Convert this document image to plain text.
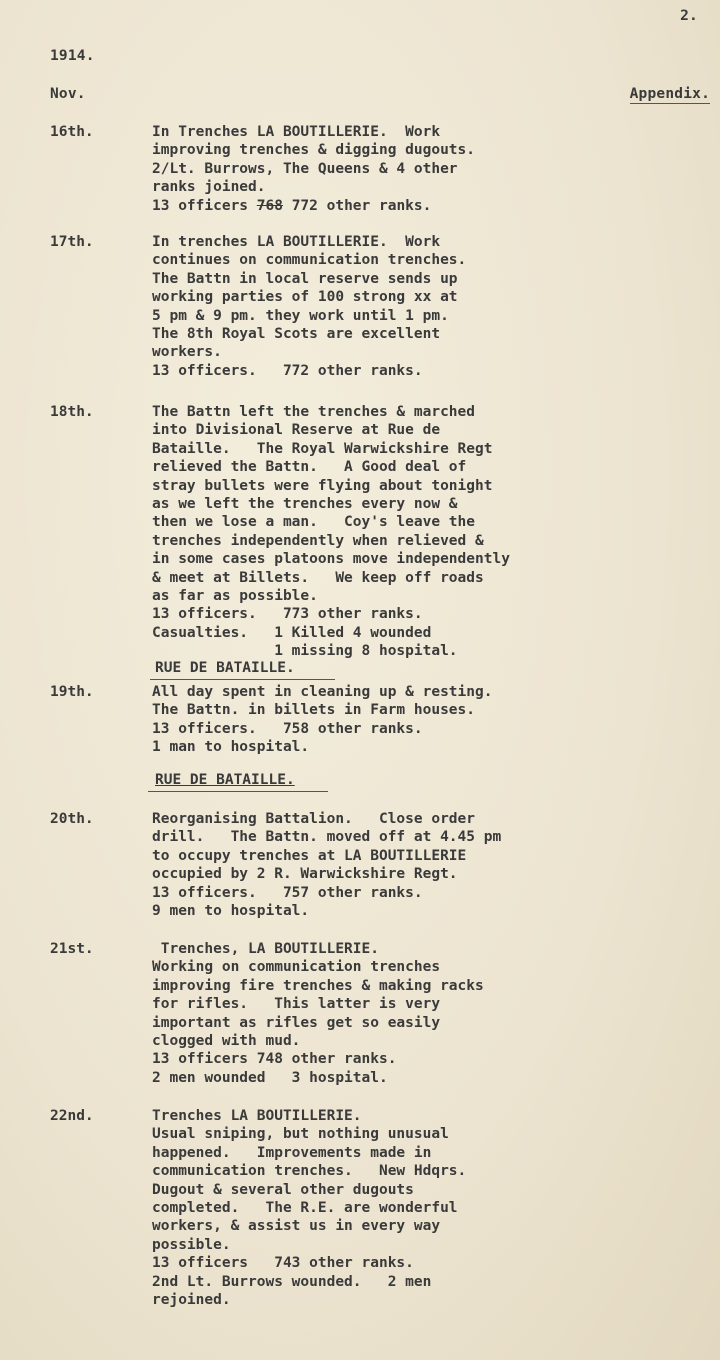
2.
1914.
Nov.	Appendix.
16th.	In Trenches LA BOUTILLERIE.  Work
improving trenches & digging dugouts.
2/Lt. Burrows, The Queens & 4 other
ranks joined.
13 officers 768 772 other ranks.
17th.	In trenches LA BOUTILLERIE.  Work
continues on communication trenches.
The Battn in local reserve sends up
working parties of 100 strong xx at
5 pm & 9 pm. they work until 1 pm.
The 8th Royal Scots are excellent
workers.
13 officers.   772 other ranks.
18th.	The Battn left the trenches & marched
into Divisional Reserve at Rue de
Bataille.   The Royal Warwickshire Regt
relieved the Battn.   A Good deal of
stray bullets were flying about tonight
as we left the trenches every now &
then we lose a man.   Coy's leave the
trenches independently when relieved &
in some cases platoons move independently
& meet at Billets.   We keep off roads
as far as possible.
13 officers.   773 other ranks.
Casualties.   1 Killed 4 wounded
1 missing 8 hospital.
RUE DE BATAILLE.
19th.	All day spent in cleaning up & resting.
The Battn. in billets in Farm houses.
13 officers.   758 other ranks.
1 man to hospital.
RUE DE BATAILLE.
20th.	Reorganising Battalion.   Close order
drill.   The Battn. moved off at 4.45 pm
to occupy trenches at LA BOUTILLERIE
occupied by 2 R. Warwickshire Regt.
13 officers.   757 other ranks.
9 men to hospital.
21st.	Trenches, LA BOUTILLERIE.
Working on communication trenches
improving fire trenches & making racks
for rifles.   This latter is very
important as rifles get so easily
clogged with mud.
13 officers 748 other ranks.
2 men wounded   3 hospital.
22nd.	Trenches LA BOUTILLERIE.
Usual sniping, but nothing unusual
happened.   Improvements made in
communication trenches.   New Hdqrs.
Dugout & several other dugouts
completed.   The R.E. are wonderful
workers, & assist us in every way
possible.
13 officers   743 other ranks.
2nd Lt. Burrows wounded.   2 men
rejoined.
